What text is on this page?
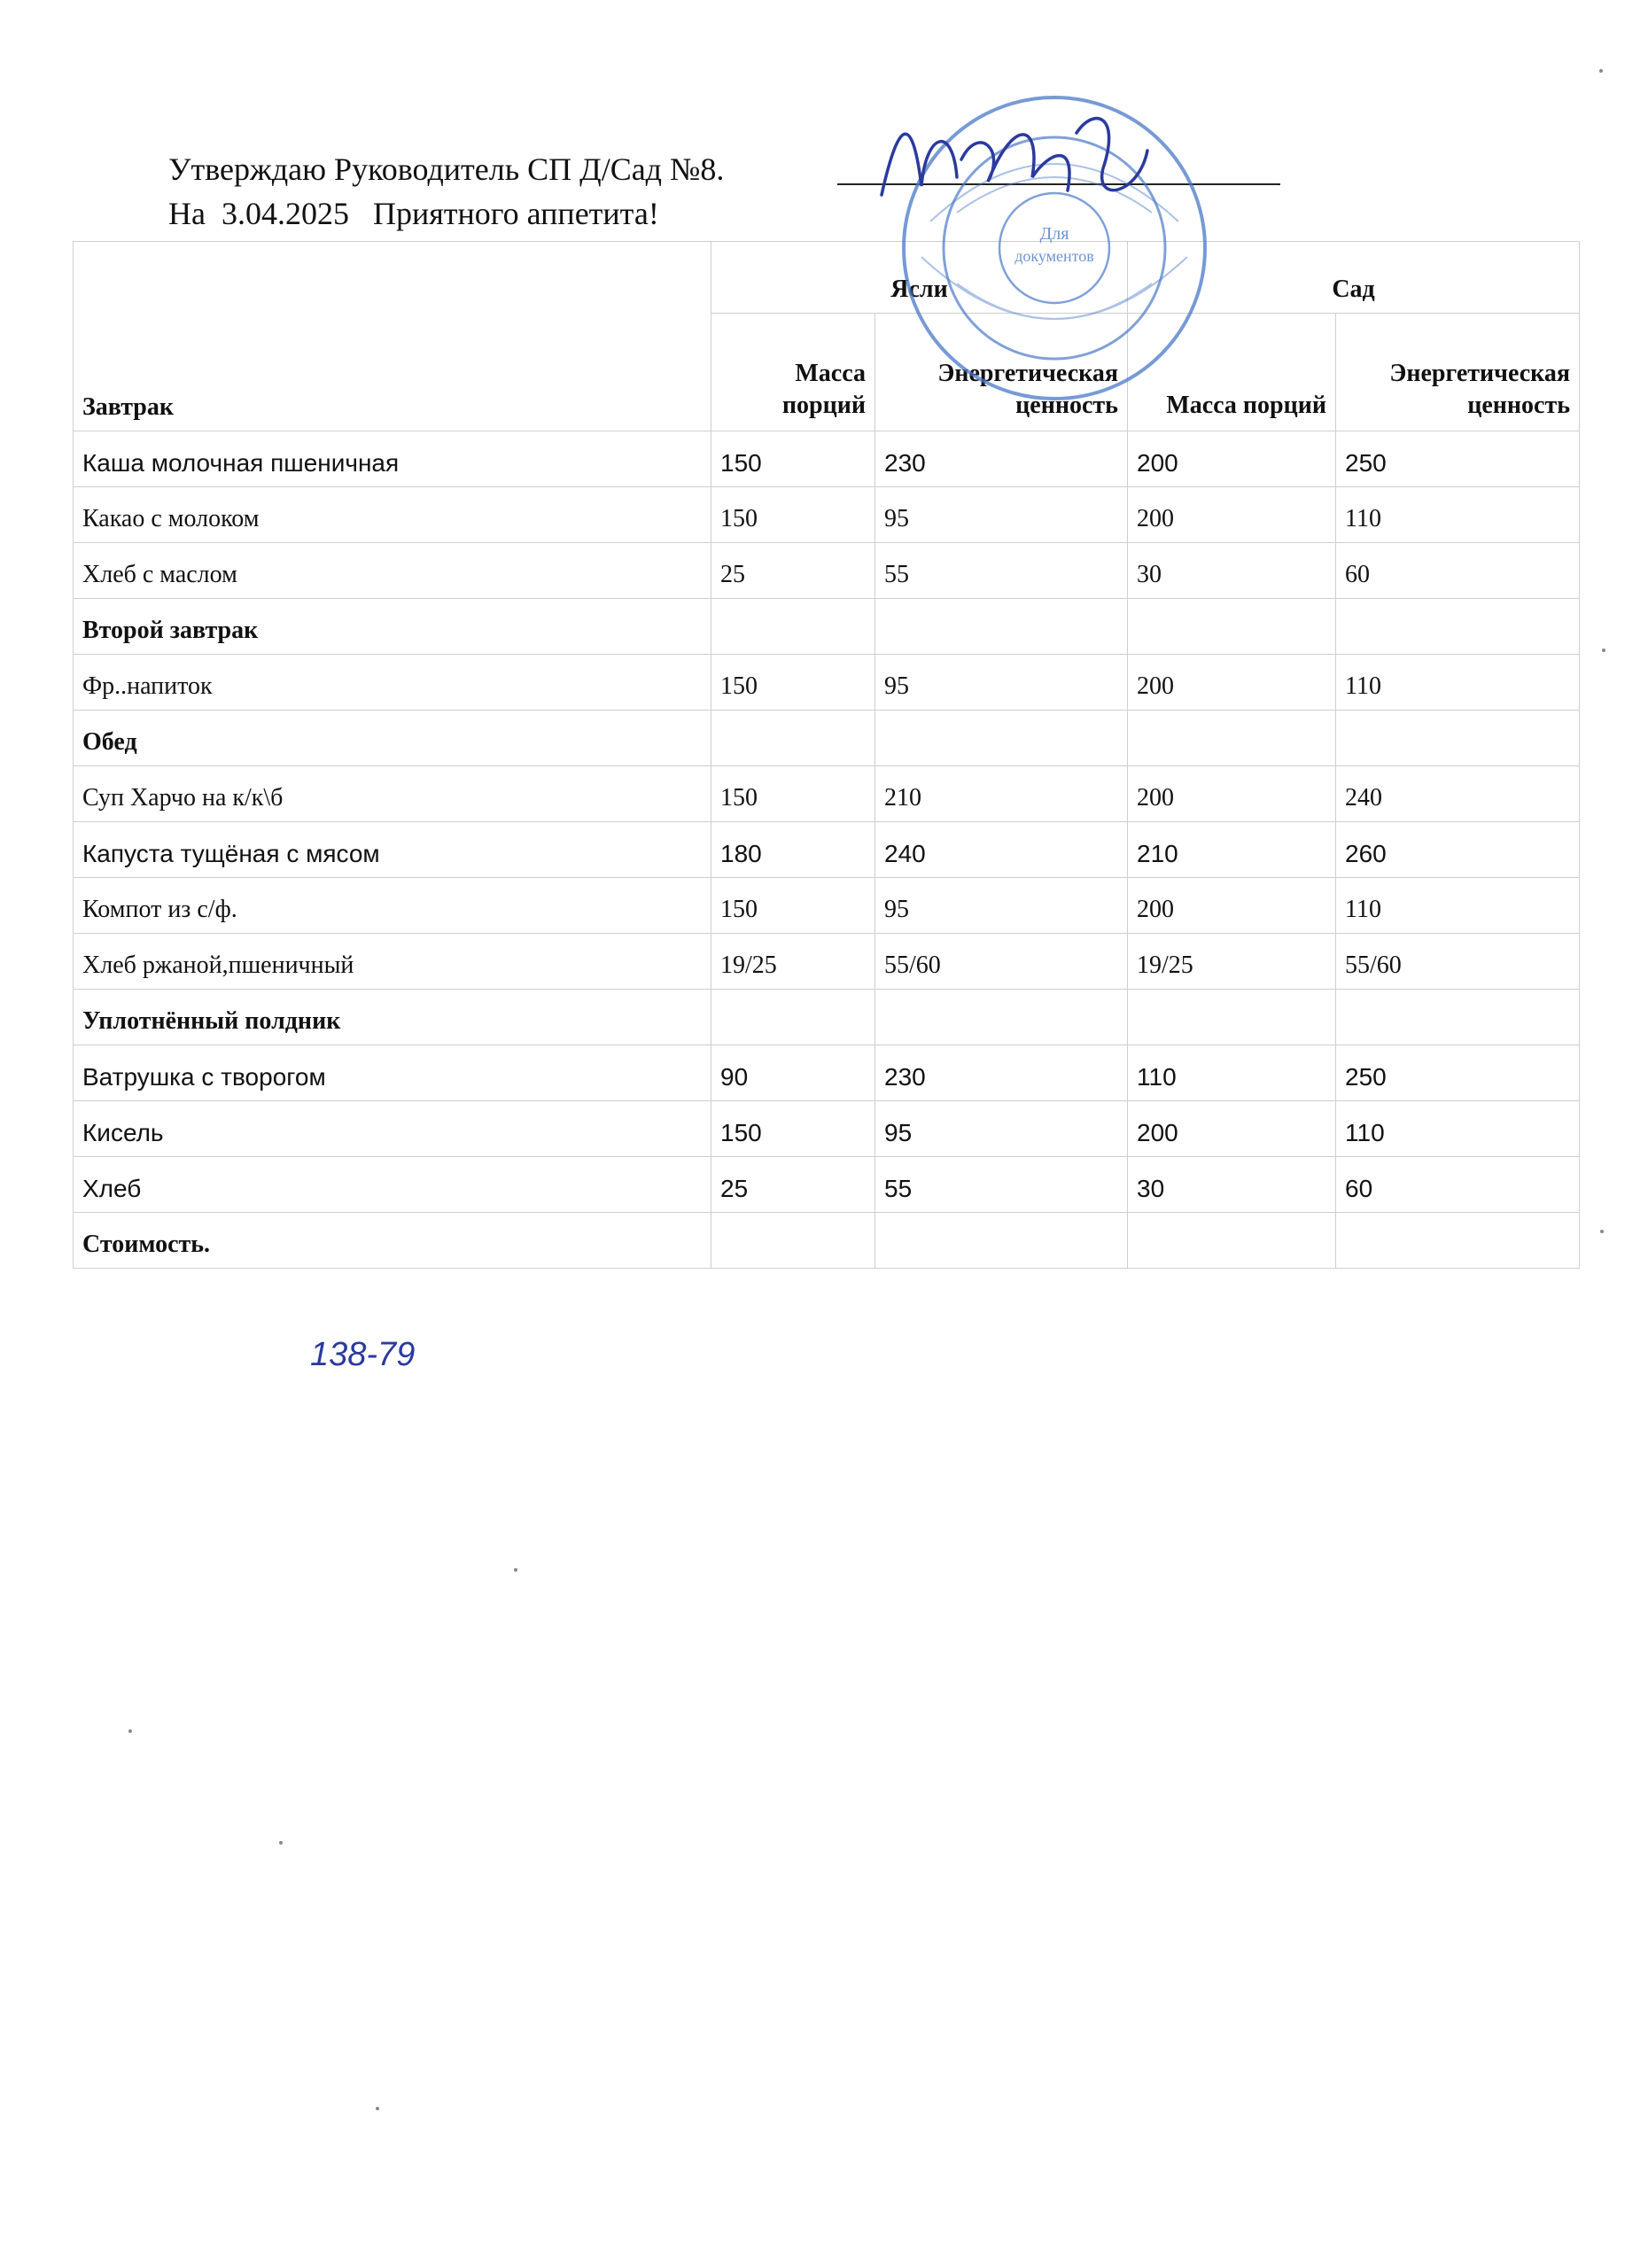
Утверждаю Руководитель СП Д/Сад №8.
На  3.04.2025   Приятного аппетита!
Завтрак	Ясли		Сад	
	Масса порций	Энергетическая ценность	Масса порций	Энергетическая ценность
Каша молочная пшеничная	150	230	200	250
Какао с молоком	150	95	200	110
Хлеб с маслом	25	55	30	60
Второй завтрак				
Фр..напиток	150	95	200	110
Обед				
Суп Харчо на к/к\б	150	210	200	240
Капуста тущёная с мясом	180	240	210	260
Компот из с/ф.	150	95	200	110
Хлеб ржаной,пшеничный	19/25	55/60	19/25	55/60
Уплотнённый полдник				
Ватрушка с творогом	90	230	110	250
Кисель	150	95	200	110
Хлеб	25	55	30	60
Стоимость.				
138-79
Для
документов
